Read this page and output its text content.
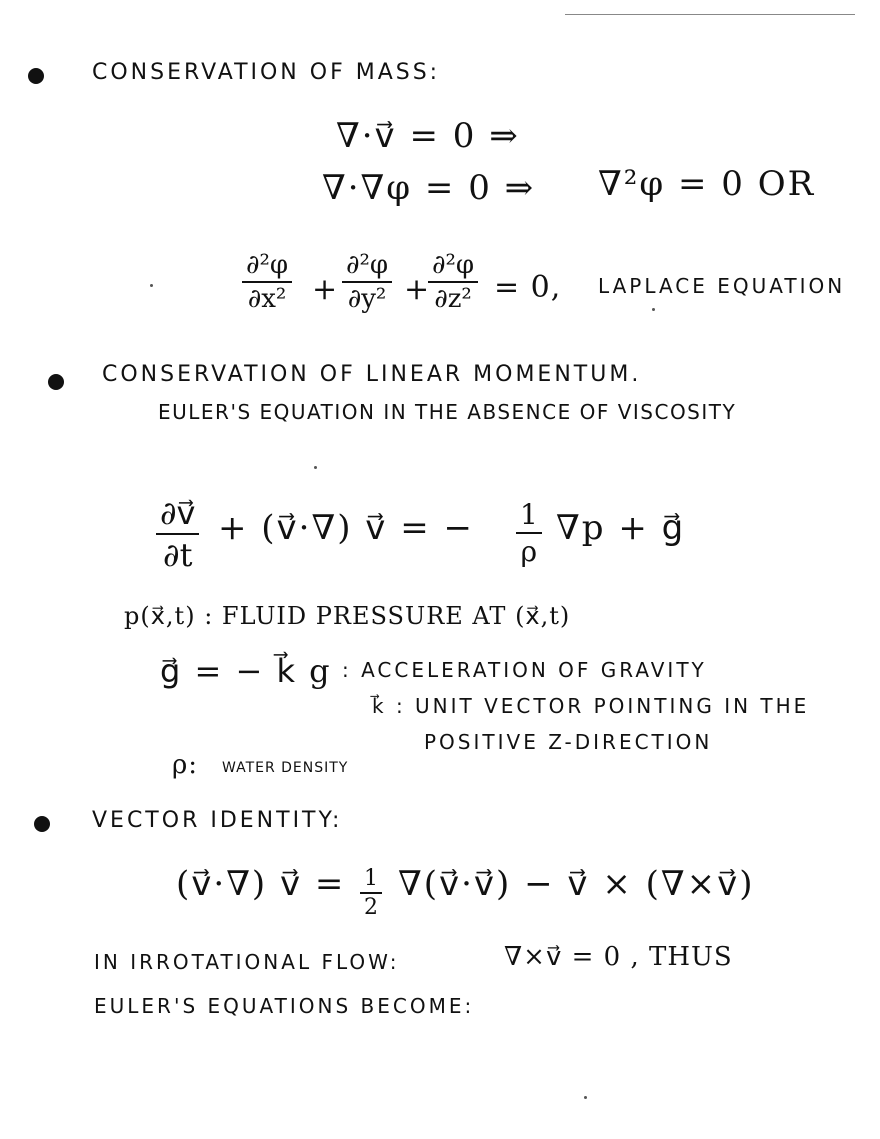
CONSERVATION OF MASS:
∇·v⃗ = 0 ⇒
∇·∇φ = 0 ⇒ ∇²φ = 0 OR
∂²φ
∂x² +
∂²φ
∂y² +
∂²φ
∂z² = 0, LAPLACE EQUATION
CONSERVATION OF LINEAR MOMENTUM.
EULER'S EQUATION IN THE ABSENCE OF VISCOSITY
∂v⃗
∂t
+ (v⃗·∇) v⃗ = − 1
ρ
∇p + g⃗
p(x⃗,t) : FLUID PRESSURE AT (x⃗,t)
g⃗ = − k⃗ g : ACCELERATION OF GRAVITY
k⃗ : UNIT VECTOR POINTING IN THE
POSITIVE Z-DIRECTION
ρ: WATER DENSITY
VECTOR IDENTITY:
(v⃗·∇) v⃗ = 1
2
∇(v⃗·v⃗) − v⃗ × (∇×v⃗)
IN IRROTATIONAL FLOW:	∇×v⃗ = 0 , THUS
EULER'S EQUATIONS BECOME:
